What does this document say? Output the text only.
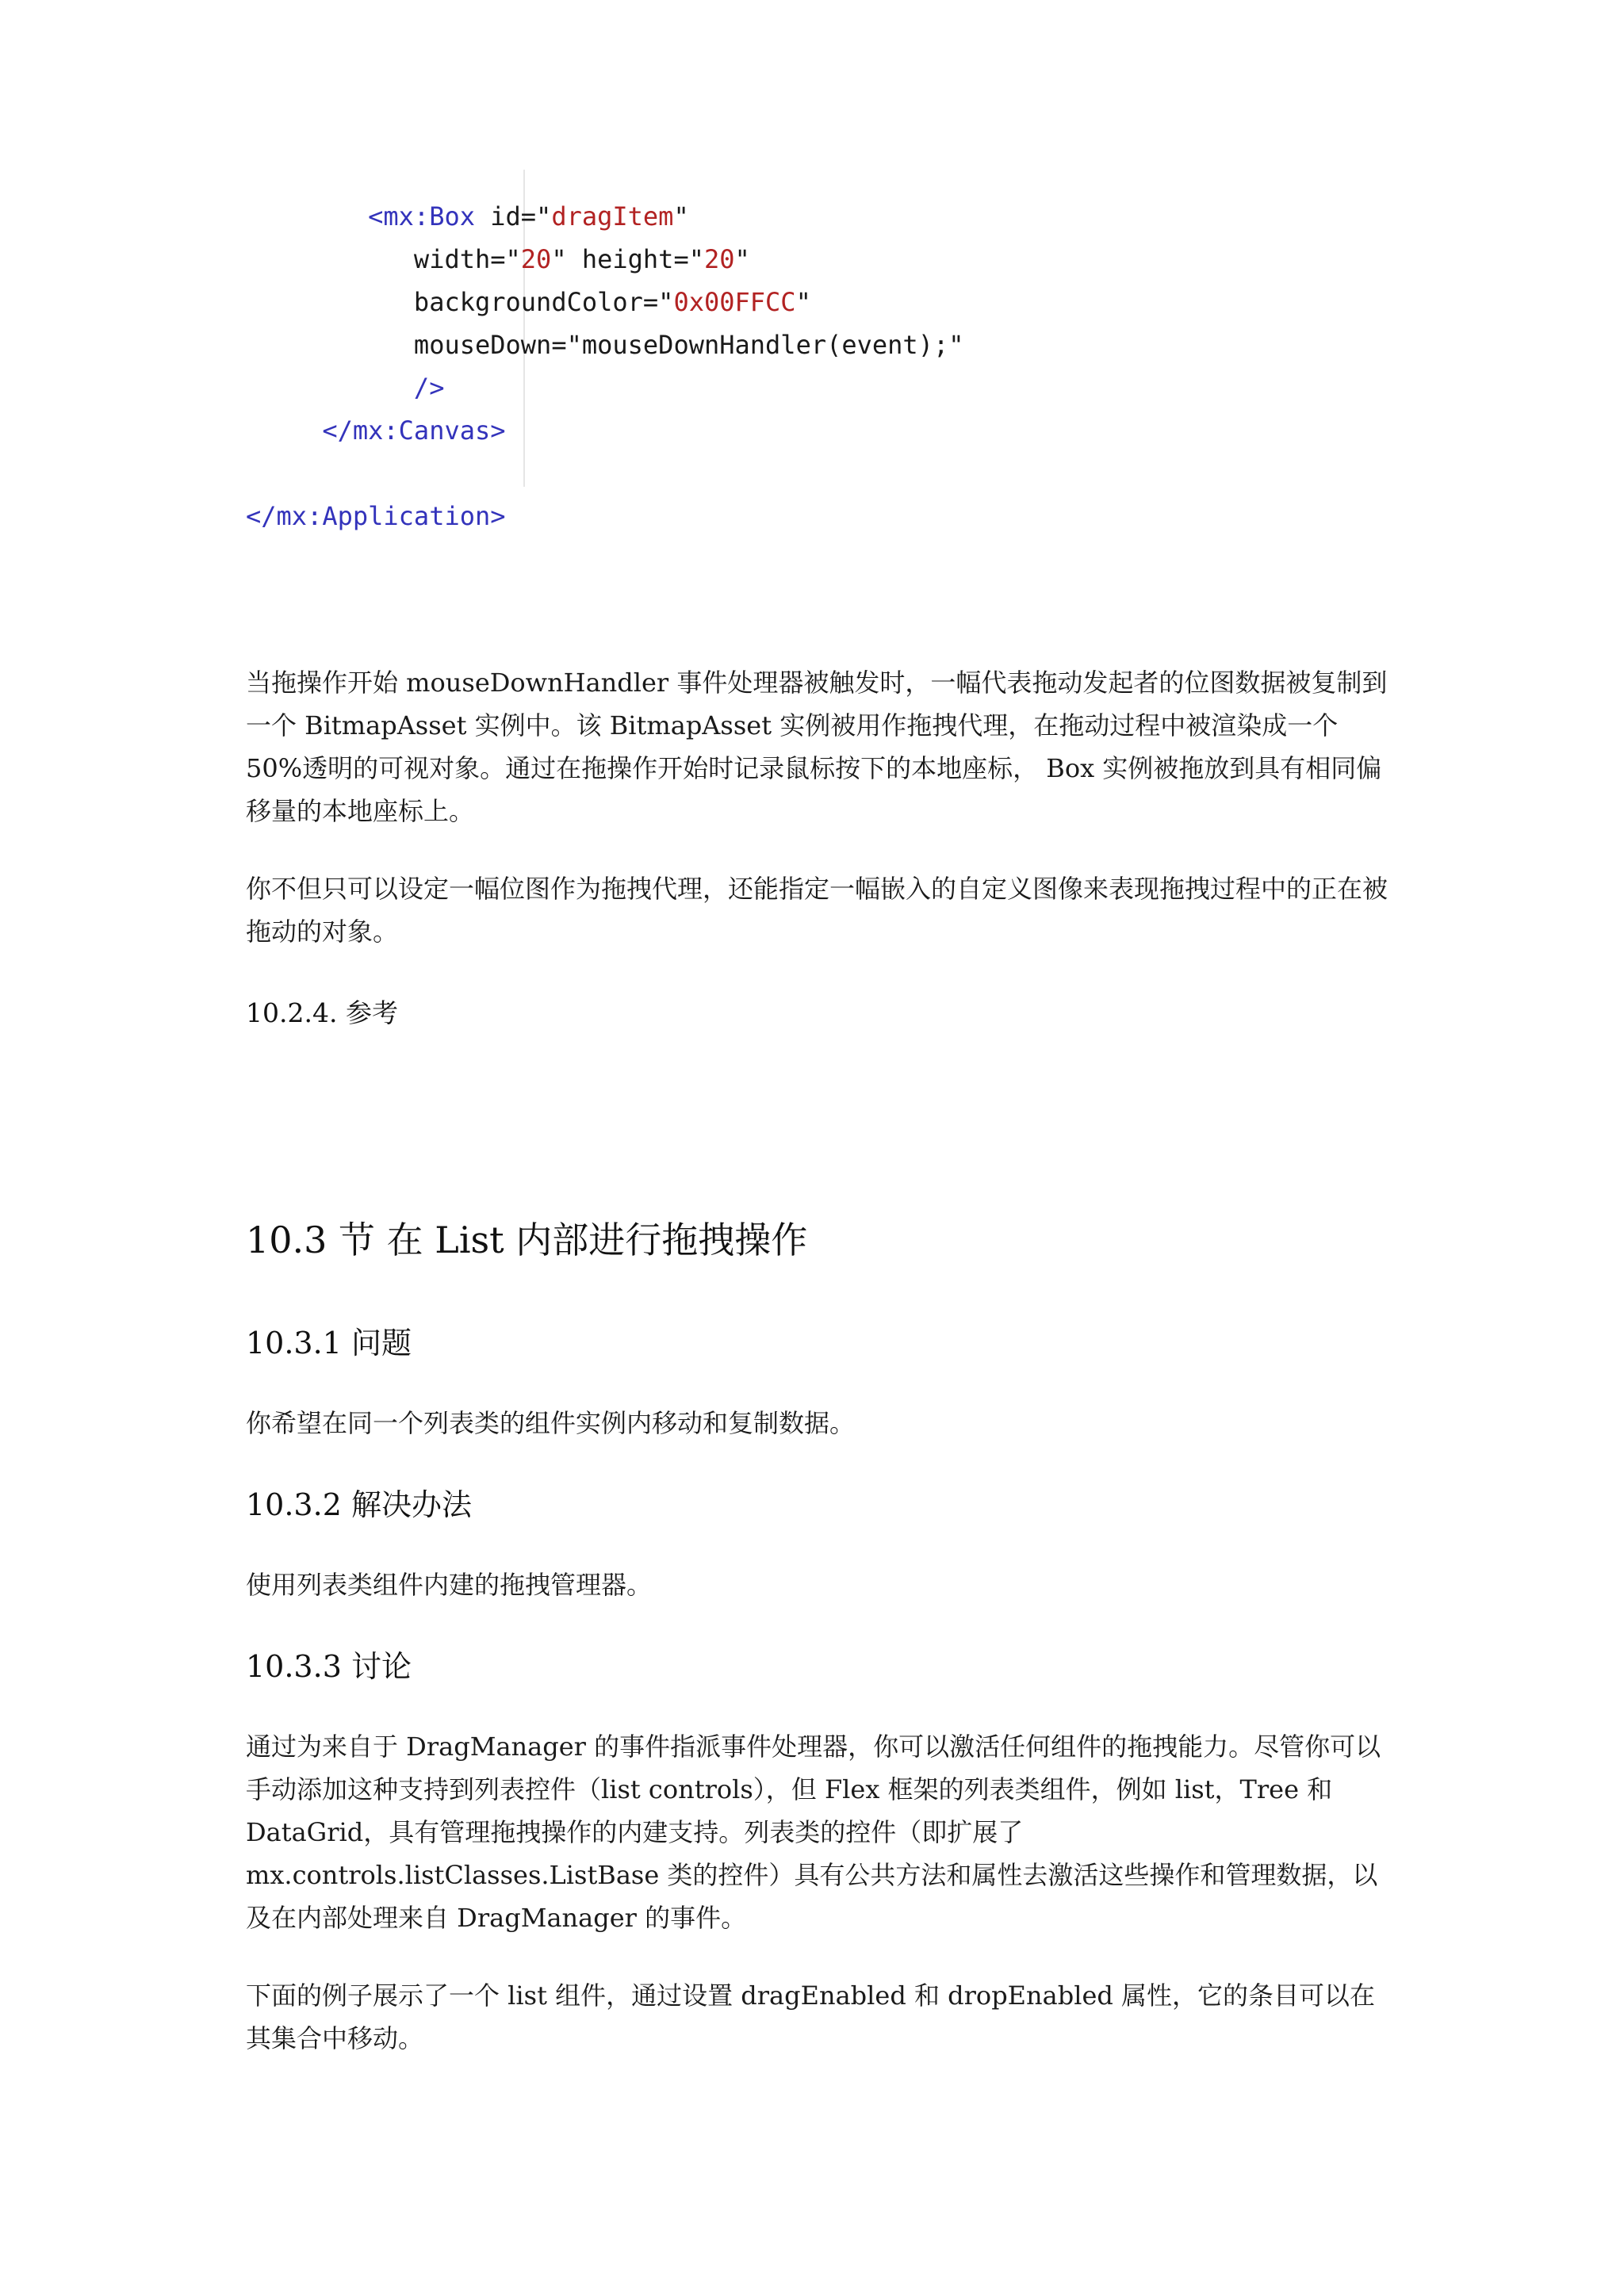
<mx:Box id="dragItem"
width="20" height="20"
backgroundColor="0x00FFCC"
mouseDown="mouseDownHandler(event);"
/>
</mx:Canvas>

</mx:Application>
当拖操作开始 mouseDownHandler 事件处理器被触发时，一幅代表拖动发起者的位图数据被复制到一个 BitmapAsset 实例中。该 BitmapAsset 实例被用作拖拽代理，在拖动过程中被渲染成一个 50%透明的可视对象。通过在拖操作开始时记录鼠标按下的本地座标， Box 实例被拖放到具有相同偏移量的本地座标上。
你不但只可以设定一幅位图作为拖拽代理，还能指定一幅嵌入的自定义图像来表现拖拽过程中的正在被拖动的对象。
10.2.4. 参考
10.3 节 在 List 内部进行拖拽操作
10.3.1 问题
你希望在同一个列表类的组件实例内移动和复制数据。
10.3.2 解决办法
使用列表类组件内建的拖拽管理器。
10.3.3 讨论
通过为来自于 DragManager 的事件指派事件处理器，你可以激活任何组件的拖拽能力。尽管你可以手动添加这种支持到列表控件（list controls），但 Flex 框架的列表类组件，例如 list，Tree 和 DataGrid，具有管理拖拽操作的内建支持。列表类的控件（即扩展了 mx.controls.listClasses.ListBase 类的控件）具有公共方法和属性去激活这些操作和管理数据，以及在内部处理来自 DragManager 的事件。
下面的例子展示了一个 list 组件，通过设置 dragEnabled 和 dropEnabled 属性，它的条目可以在其集合中移动。
